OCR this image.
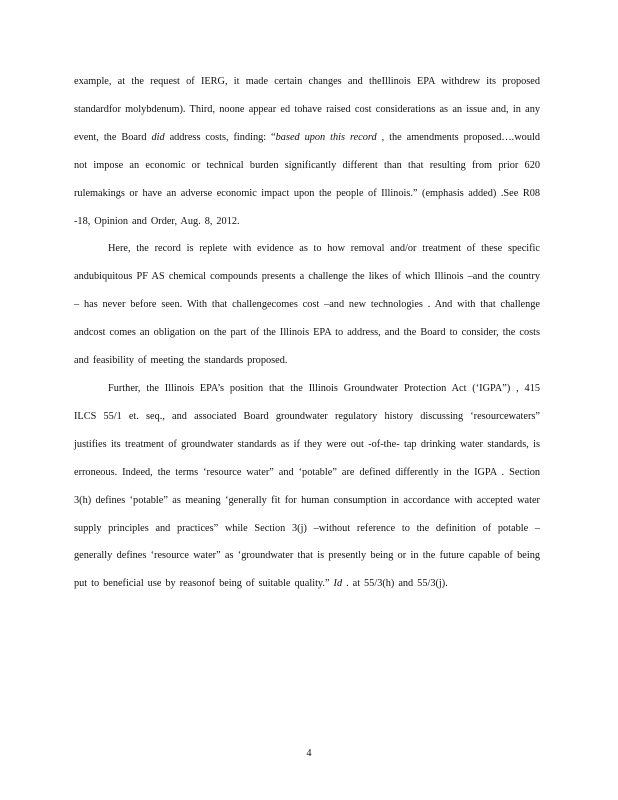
example, at the request of IERG, it made certain changes and theIllinois EPA withdrew its proposed standardfor molybdenum). Third, noone appear ed tohave raised cost considerations as an issue and, in any event, the Board did address costs, finding: “based upon this record , the amendments proposed….would not impose an economic or technical burden significantly different than that resulting from prior 620 rulemakings or have an adverse economic impact upon the people of Illinois.” (emphasis added) .See R08 -18, Opinion and Order, Aug. 8, 2012.

Here, the record is replete with evidence as to how removal and/or treatment of these specific andubiquitous PF AS chemical compounds presents a challenge the likes of which Illinois –and the country – has never before seen. With that challengecomes cost –and new technologies . And with that challenge andcost comes an obligation on the part of the Illinois EPA to address, and the Board to consider, the costs and feasibility of meeting the standards proposed.

Further, the Illinois EPA’s position that the Illinois Groundwater Protection Act (‘IGPA”) , 415 ILCS 55/1 et. seq., and associated Board groundwater regulatory history discussing ‘resourcewaters” justifies its treatment of groundwater standards as if they were out -of-the- tap drinking water standards, is erroneous. Indeed, the terms ‘resource water” and ‘potable” are defined differently in the IGPA . Section 3(h) defines ‘potable” as meaning ‘generally fit for human consumption in accordance with accepted water supply principles and practices” while Section 3(j) –without reference to the definition of potable –generally defines ‘resource water” as ‘groundwater that is presently being or in the future capable of being put to beneficial use by reasonof being of suitable quality.” Id . at 55/3(h) and 55/3(j).

4
